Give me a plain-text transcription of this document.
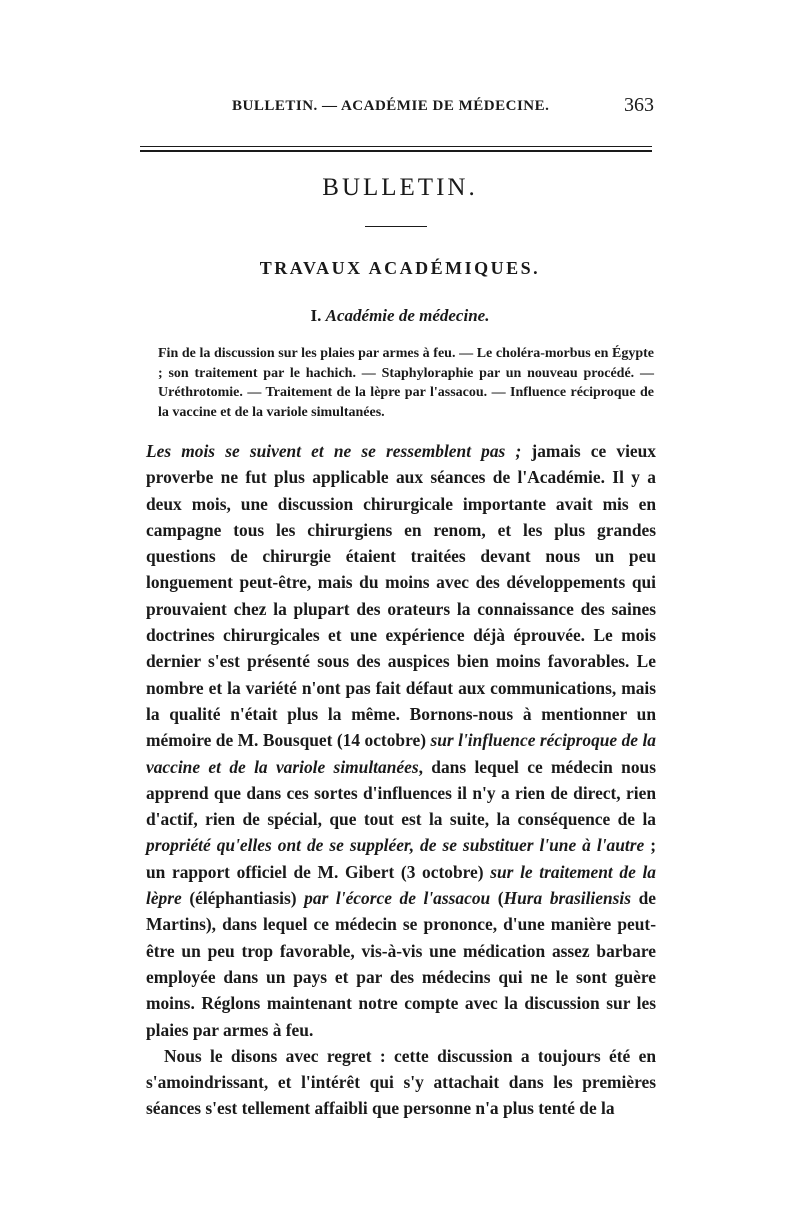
BULLETIN. — ACADÉMIE DE MÉDECINE.	363
BULLETIN.
TRAVAUX ACADÉMIQUES.
I. Académie de médecine.
Fin de la discussion sur les plaies par armes à feu. — Le choléra-morbus en Égypte ; son traitement par le hachich. — Staphylorаphie par un nouveau procédé. — Uréthrotomie. — Traitement de la lèpre par l'assacou. — Influence réciproque de la vaccine et de la variole simultanées.

Les mois se suivent et ne se ressemblent pas ; jamais ce vieux proverbe ne fut plus applicable aux séances de l'Académie. Il y a deux mois, une discussion chirurgicale importante avait mis en campagne tous les chirurgiens en renom, et les plus grandes questions de chirurgie étaient traitées devant nous un peu longuement peut-être, mais du moins avec des développements qui prouvaient chez la plupart des orateurs la connaissance des saines doctrines chirurgicales et une expérience déjà éprouvée. Le mois dernier s'est présenté sous des auspices bien moins favorables. Le nombre et la variété n'ont pas fait défaut aux communications, mais la qualité n'était plus la même. Bornons-nous à mentionner un mémoire de M. Bousquet (14 octobre) sur l'influence réciproque de la vaccine et de la variole simultanées, dans lequel ce médecin nous apprend que dans ces sortes d'influences il n'y a rien de direct, rien d'actif, rien de spécial, que tout est la suite, la conséquence de la propriété qu'elles ont de se suppléer, de se substituer l'une à l'autre ; un rapport officiel de M. Gibert (3 octobre) sur le traitement de la lèpre (éléphantiasis) par l'écorce de l'assacou (Hura brasiliensis de Martins), dans lequel ce médecin se prononce, d'une manière peut-être un peu trop favorable, vis-à-vis une médication assez barbare employée dans un pays et par des médecins qui ne le sont guère moins. Réglons maintenant notre compte avec la discussion sur les plaies par armes à feu.

Nous le disons avec regret : cette discussion a toujours été en s'amoindrissant, et l'intérêt qui s'y attachait dans les premières séances s'est tellement affaibli que personne n'a plus tenté de la
